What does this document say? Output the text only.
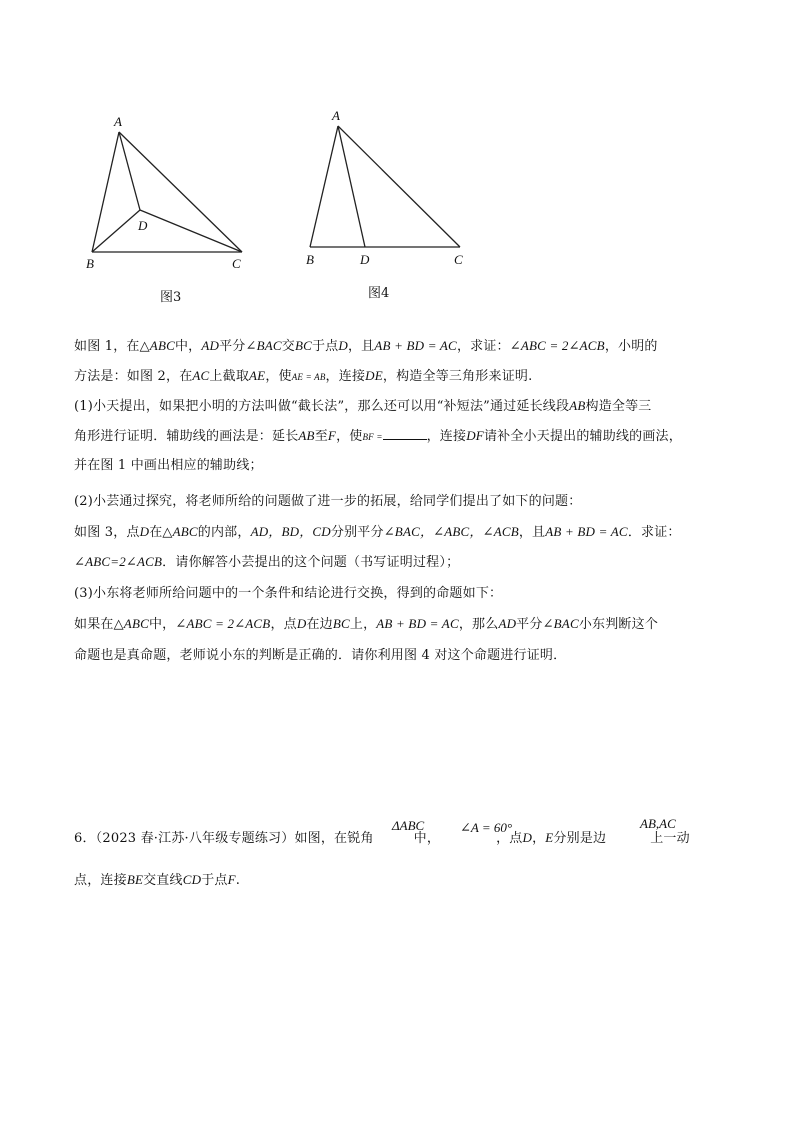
A
B	C
D
图3
A
B	D	C
图4
如图 1，在△ABC中，AD平分∠BAC交BC于点D，且AB + BD = AC，求证：∠ABC = 2∠ACB，小明的
方法是：如图 2，在AC上截取AE，使AE = AB，连接DE，构造全等三角形来证明.
(1)小天提出，如果把小明的方法叫做“截长法”，那么还可以用“补短法”通过延长线段AB构造全等三
角形进行证明．辅助线的画法是：延长AB至F，使BF =	，连接DF请补全小天提出的辅助线的画法，
并在图 1 中画出相应的辅助线；
(2)小芸通过探究，将老师所给的问题做了进一步的拓展，给同学们提出了如下的问题：
如图 3，点D在△ABC的内部，AD，BD，CD分别平分∠BAC，∠ABC，∠ACB，且AB + BD = AC．求证：
∠ABC=2∠ACB．请你解答小芸提出的这个问题（书写证明过程）；
(3)小东将老师所给问题中的一个条件和结论进行交换，得到的命题如下：
如果在△ABC中，∠ABC = 2∠ACB，点D在边BC上，AB + BD = AC，那么AD平分∠BAC小东判断这个
命题也是真命题，老师说小东的判断是正确的．请你利用图 4 对这个命题进行证明．
ΔABC	∠A = 60°	AB,AC
6．（2023 春·江苏·八年级专题练习）如图，在锐角	中，	，点D，E分别是边	上一动
点，连接BE交直线CD于点F.
